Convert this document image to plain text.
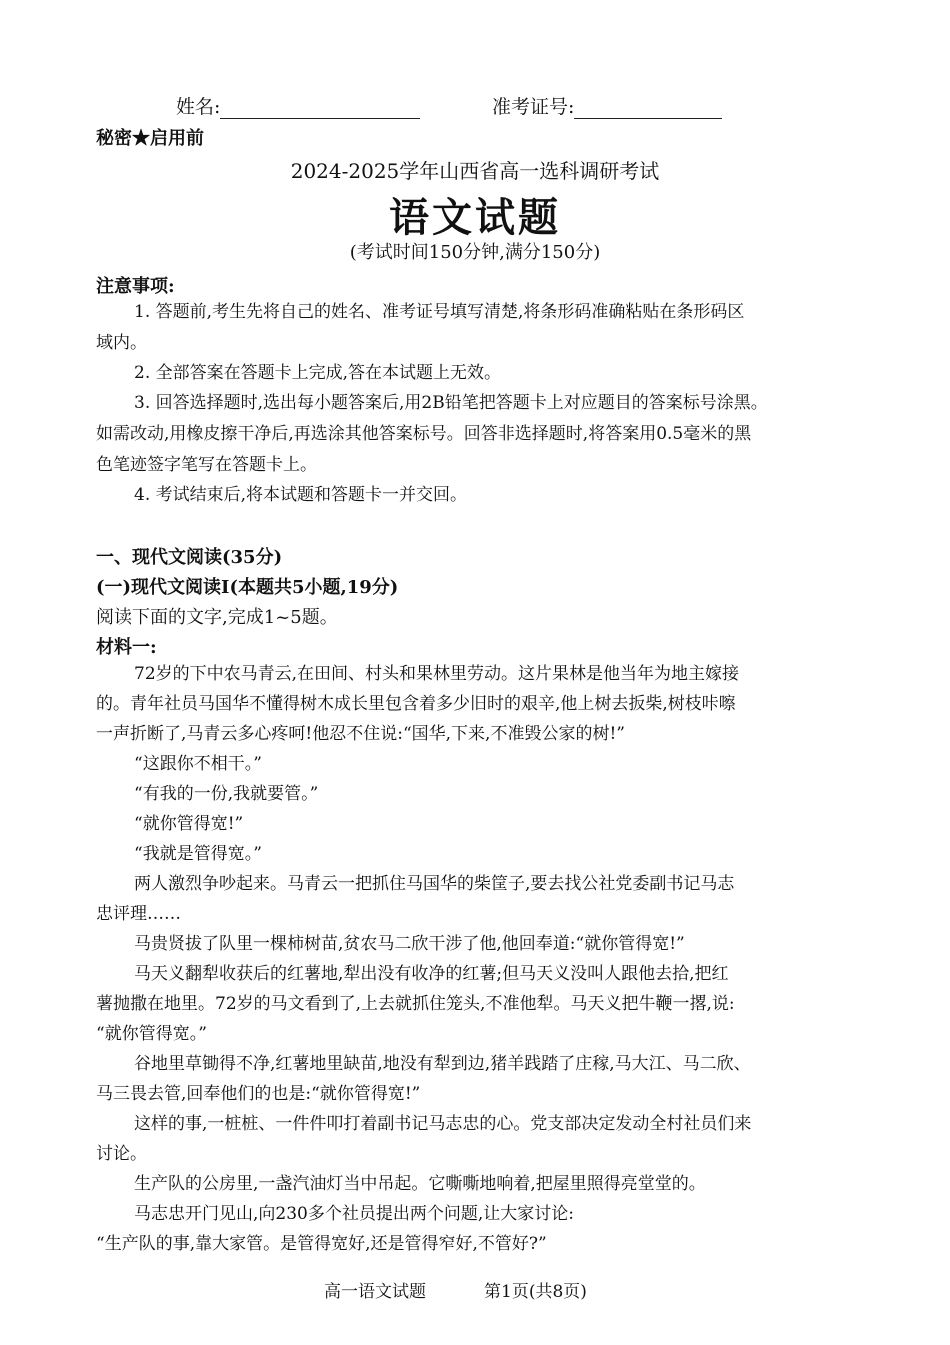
姓名:	准考证号:
秘密★启用前
2024-2025学年山西省高一选科调研考试
语文试题
(考试时间150分钟,满分150分)
注意事项:
1. 答题前,考生先将自己的姓名、准考证号填写清楚,将条形码准确粘贴在条形码区
域内。
2. 全部答案在答题卡上完成,答在本试题上无效。
3. 回答选择题时,选出每小题答案后,用2B铅笔把答题卡上对应题目的答案标号涂黑。
如需改动,用橡皮擦干净后,再选涂其他答案标号。回答非选择题时,将答案用0.5毫米的黑
色笔迹签字笔写在答题卡上。
4. 考试结束后,将本试题和答题卡一并交回。
一、现代文阅读(35分)
(一)现代文阅读Ⅰ(本题共5小题,19分)
阅读下面的文字,完成1~5题。
材料一:
72岁的下中农马青云,在田间、村头和果林里劳动。这片果林是他当年为地主嫁接
的。青年社员马国华不懂得树木成长里包含着多少旧时的艰辛,他上树去扳柴,树枝咔嚓
一声折断了,马青云多心疼呵!他忍不住说:“国华,下来,不准毁公家的树!”
“这跟你不相干。”
“有我的一份,我就要管。”
“就你管得宽!”
“我就是管得宽。”
两人激烈争吵起来。马青云一把抓住马国华的柴筐子,要去找公社党委副书记马志
忠评理……
马贵贤拔了队里一棵柿树苗,贫农马二欣干涉了他,他回奉道:“就你管得宽!”
马天义翻犁收获后的红薯地,犁出没有收净的红薯;但马天义没叫人跟他去拾,把红
薯抛撒在地里。72岁的马文看到了,上去就抓住笼头,不准他犁。马天义把牛鞭一撂,说:
“就你管得宽。”
谷地里草锄得不净,红薯地里缺苗,地没有犁到边,猪羊践踏了庄稼,马大江、马二欣、
马三畏去管,回奉他们的也是:“就你管得宽!”
这样的事,一桩桩、一件件叩打着副书记马志忠的心。党支部决定发动全村社员们来
讨论。
生产队的公房里,一盏汽油灯当中吊起。它嘶嘶地响着,把屋里照得亮堂堂的。
马志忠开门见山,向230多个社员提出两个问题,让大家讨论:
“生产队的事,靠大家管。是管得宽好,还是管得窄好,不管好?”
高一语文试题	第1页(共8页)
